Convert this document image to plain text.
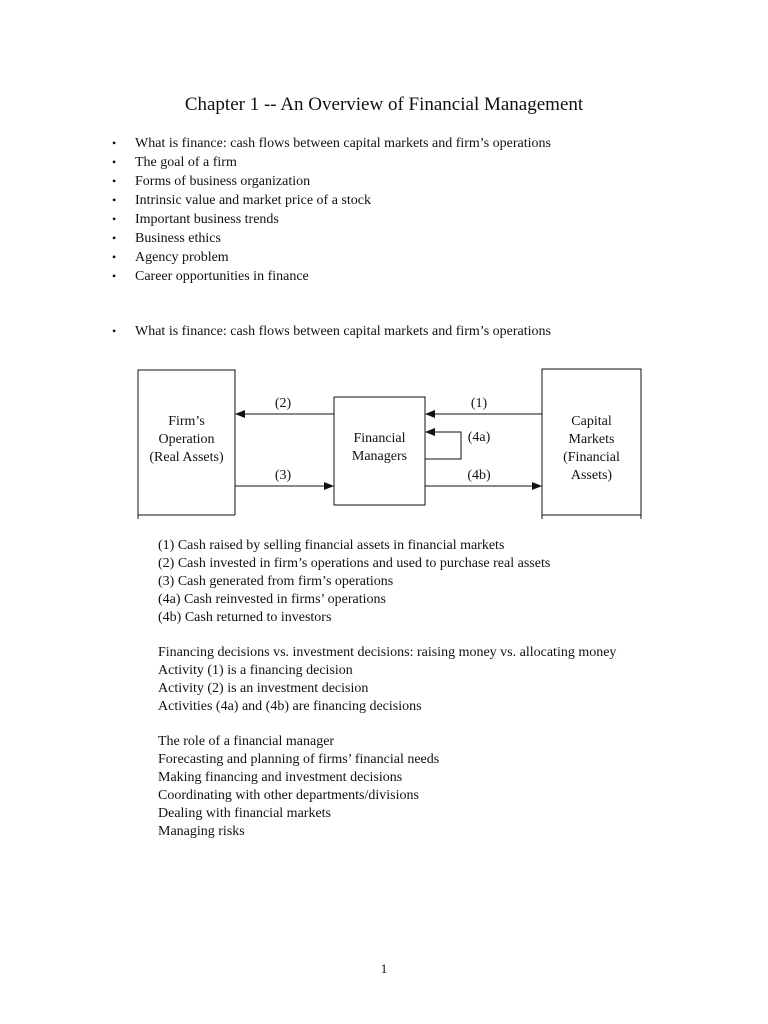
Chapter 1 -- An Overview of Financial Management
• What is finance: cash flows between capital markets and firm’s operations
• The goal of a firm
• Forms of business organization
• Intrinsic value and market price of a stock
• Important business trends
• Business ethics
• Agency problem
• Career opportunities in finance
• What is finance: cash flows between capital markets and firm’s operations
Firm’s
Operation
(Real Assets)
Financial
Managers
Capital
Markets
(Financial
Assets)
(2)
(3)
(1)
(4a)
(4b)
(1) Cash raised by selling financial assets in financial markets
(2) Cash invested in firm’s operations and used to purchase real assets
(3) Cash generated from firm’s operations
(4a) Cash reinvested in firms’ operations
(4b) Cash returned to investors
Financing decisions vs. investment decisions: raising money vs. allocating money
Activity (1) is a financing decision
Activity (2) is an investment decision
Activities (4a) and (4b) are financing decisions
The role of a financial manager
Forecasting and planning of firms’ financial needs
Making financing and investment decisions
Coordinating with other departments/divisions
Dealing with financial markets
Managing risks
1
